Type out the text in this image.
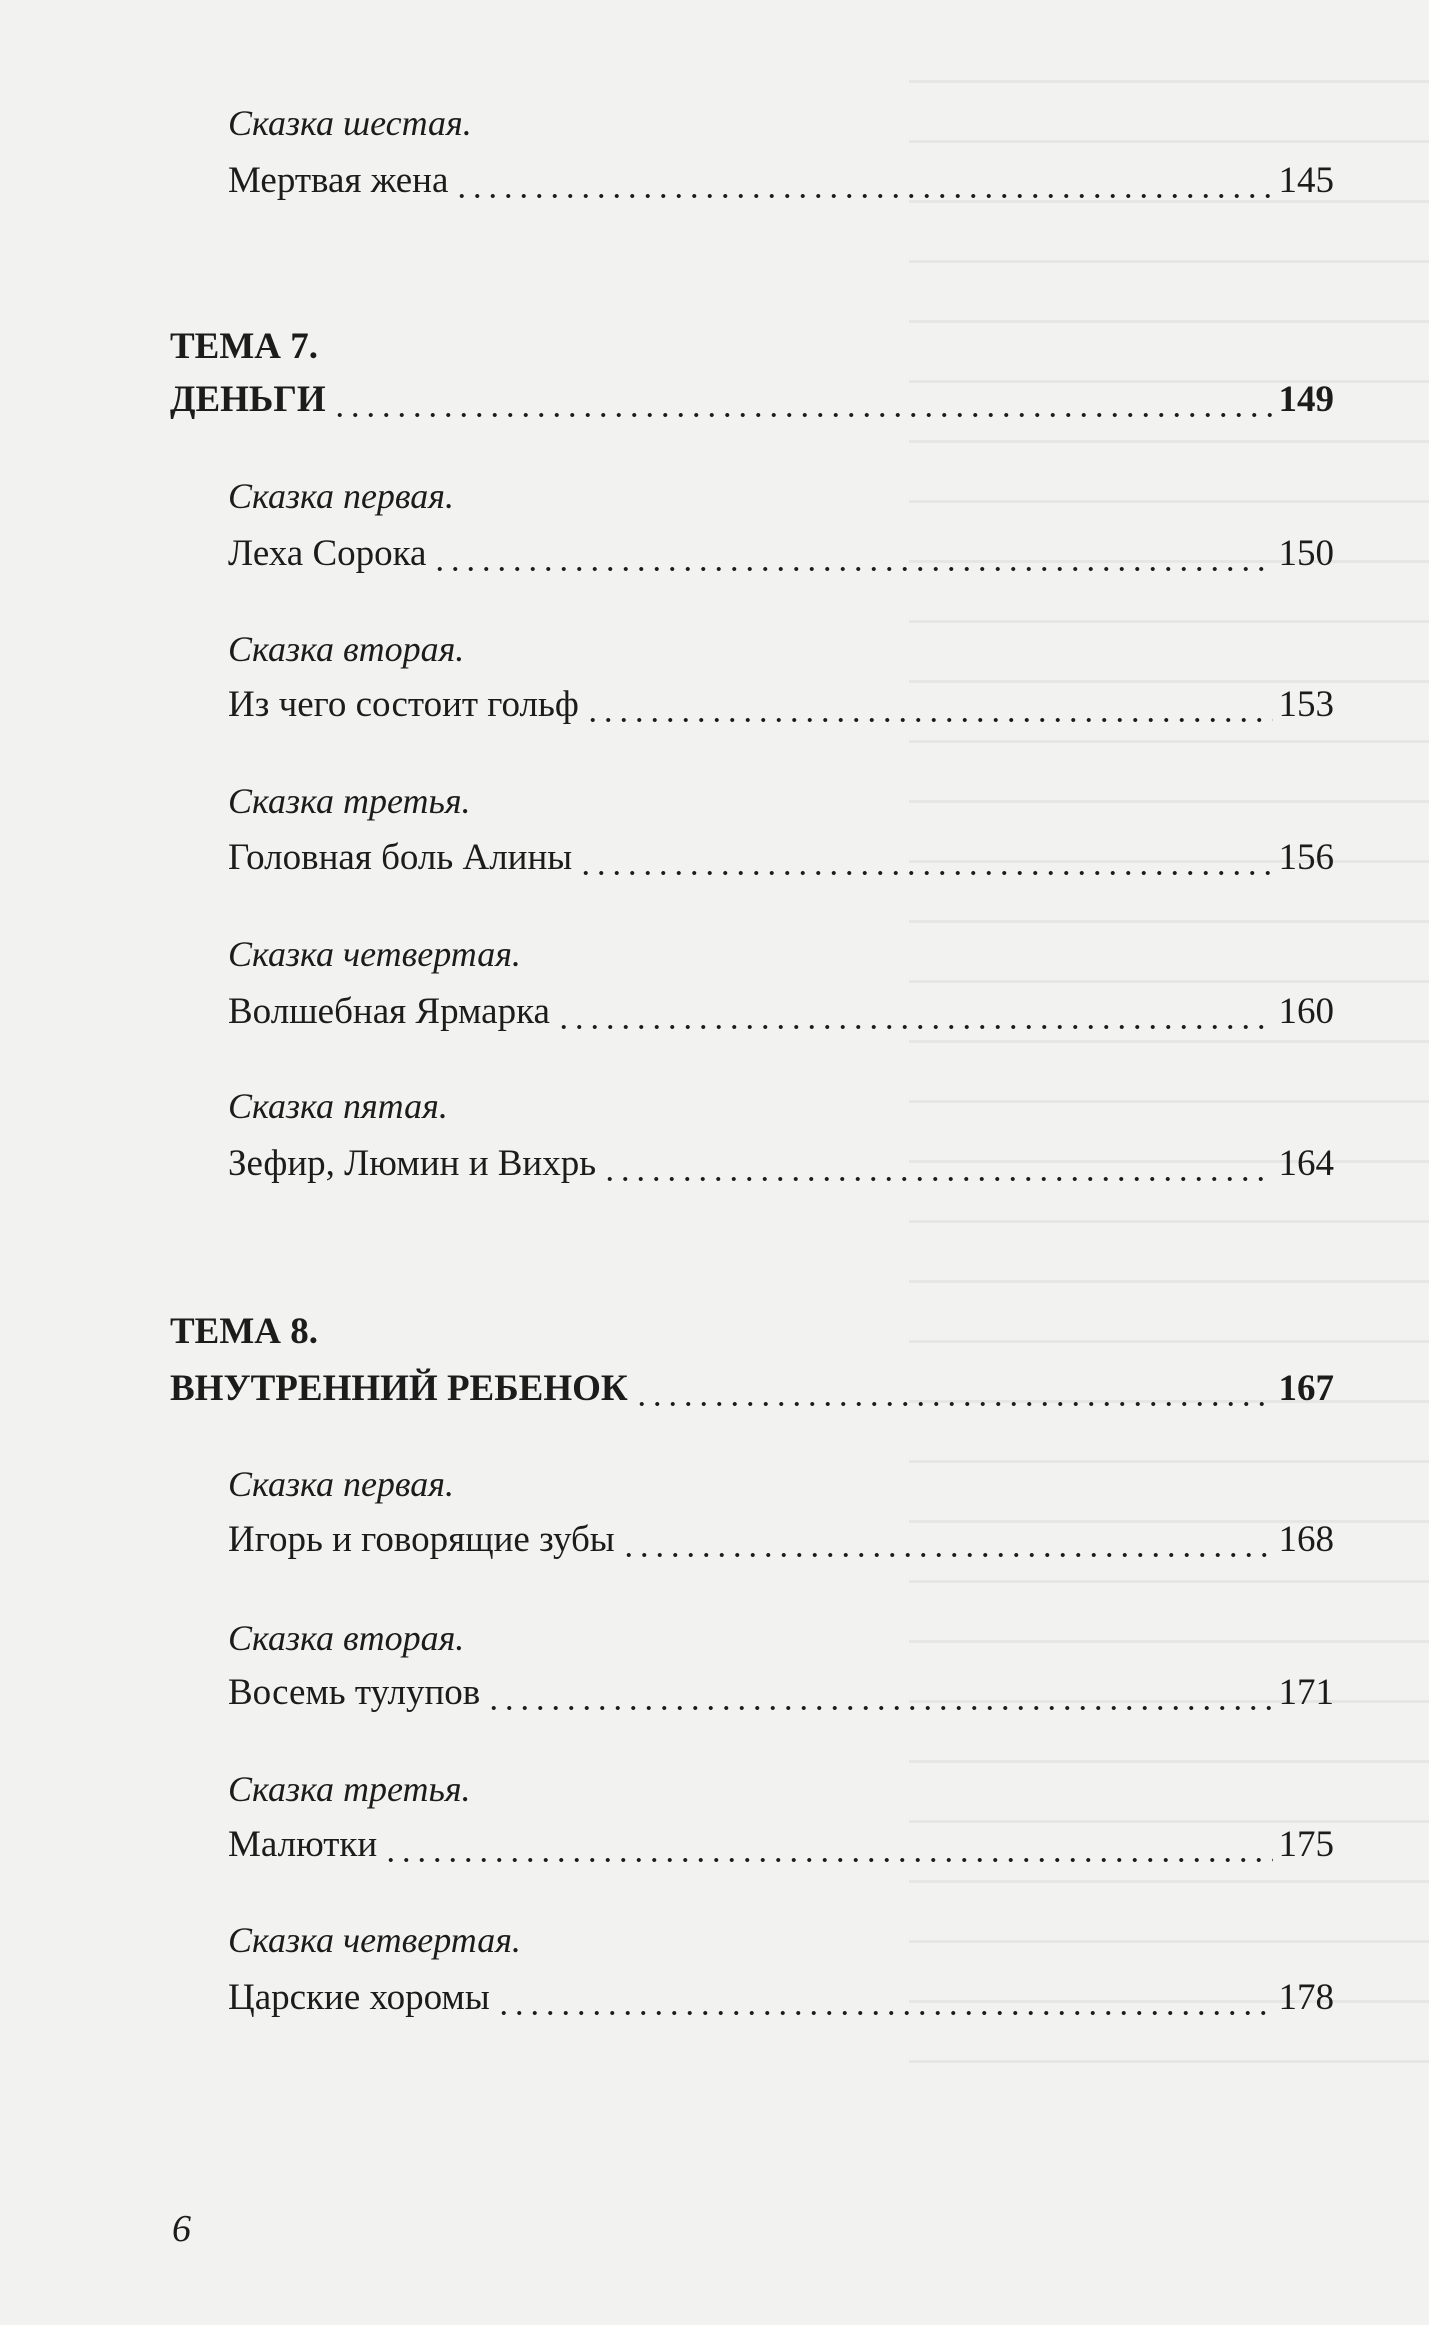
Сказка шестая.
Мертвая жена	145
ТЕМА 7.
ДЕНЬГИ	149
Сказка первая.
Леха Сорока	150
Сказка вторая.
Из чего состоит гольф	153
Сказка третья.
Головная боль Алины	156
Сказка четвертая.
Волшебная Ярмарка	160
Сказка пятая.
Зефир, Люмин и Вихрь	164
ТЕМА 8.
ВНУТРЕННИЙ РЕБЕНОК	167
Сказка первая.
Игорь и говорящие зубы	168
Сказка вторая.
Восемь тулупов	171
Сказка третья.
Малютки	175
Сказка четвертая.
Царские хоромы	178
6
